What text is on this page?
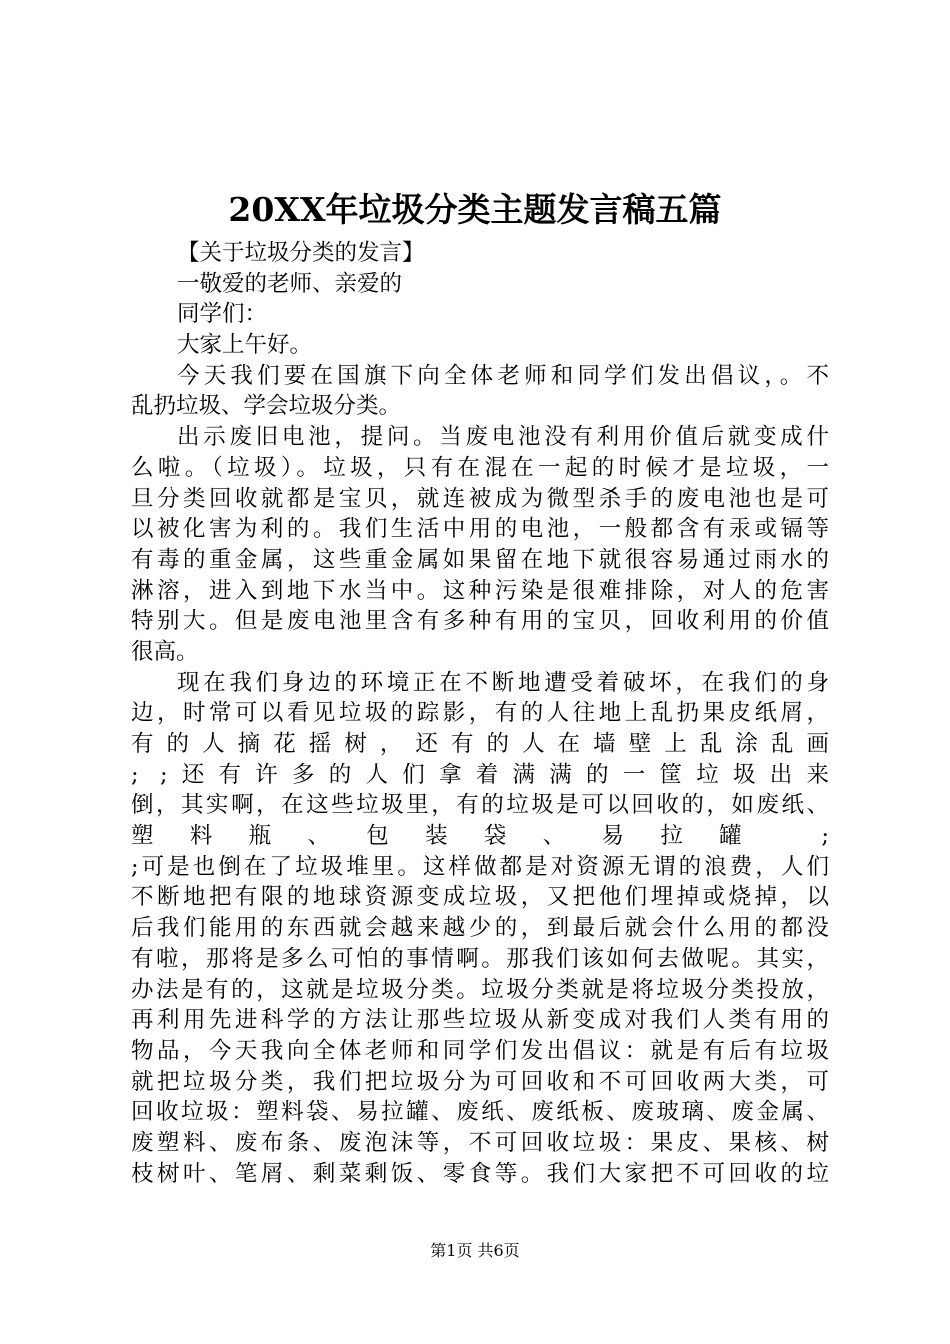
20XX年垃圾分类主题发言稿五篇
【关于垃圾分类的发言】
一敬爱的老师、亲爱的
同学们：
大家上午好。
今天我们要在国旗下向全体老师和同学们发出倡议，。不
乱扔垃圾、学会垃圾分类。
出示废旧电池，提问。当废电池没有利用价值后就变成什
么啦。（垃圾）。垃圾，只有在混在一起的时候才是垃圾，一
旦分类回收就都是宝贝，就连被成为微型杀手的废电池也是可
以被化害为利的。我们生活中用的电池，一般都含有汞或镉等
有毒的重金属，这些重金属如果留在地下就很容易通过雨水的
淋溶，进入到地下水当中。这种污染是很难排除，对人的危害
特别大。但是废电池里含有多种有用的宝贝，回收利用的价值
很高。
现在我们身边的环境正在不断地遭受着破坏，在我们的身
边，时常可以看见垃圾的踪影，有的人往地上乱扔果皮纸屑，
有的人摘花摇树，还有的人在墙壁上乱涂乱画
; ;还有许多的人们拿着满满的一筐垃圾出来
倒，其实啊，在这些垃圾里，有的垃圾是可以回收的，如废纸、
塑料瓶、包装袋、易拉罐 ;
;可是也倒在了垃圾堆里。这样做都是对资源无谓的浪费，人们
不断地把有限的地球资源变成垃圾，又把他们埋掉或烧掉，以
后我们能用的东西就会越来越少的，到最后就会什么用的都没
有啦，那将是多么可怕的事情啊。那我们该如何去做呢。其实，
办法是有的，这就是垃圾分类。垃圾分类就是将垃圾分类投放，
再利用先进科学的方法让那些垃圾从新变成对我们人类有用的
物品，今天我向全体老师和同学们发出倡议：就是有后有垃圾
就把垃圾分类，我们把垃圾分为可回收和不可回收两大类，可
回收垃圾：塑料袋、易拉罐、废纸、废纸板、废玻璃、废金属、
废塑料、废布条、废泡沫等，不可回收垃圾：果皮、果核、树
枝树叶、笔屑、剩菜剩饭、零食等。我们大家把不可回收的垃
第1页 共6页
